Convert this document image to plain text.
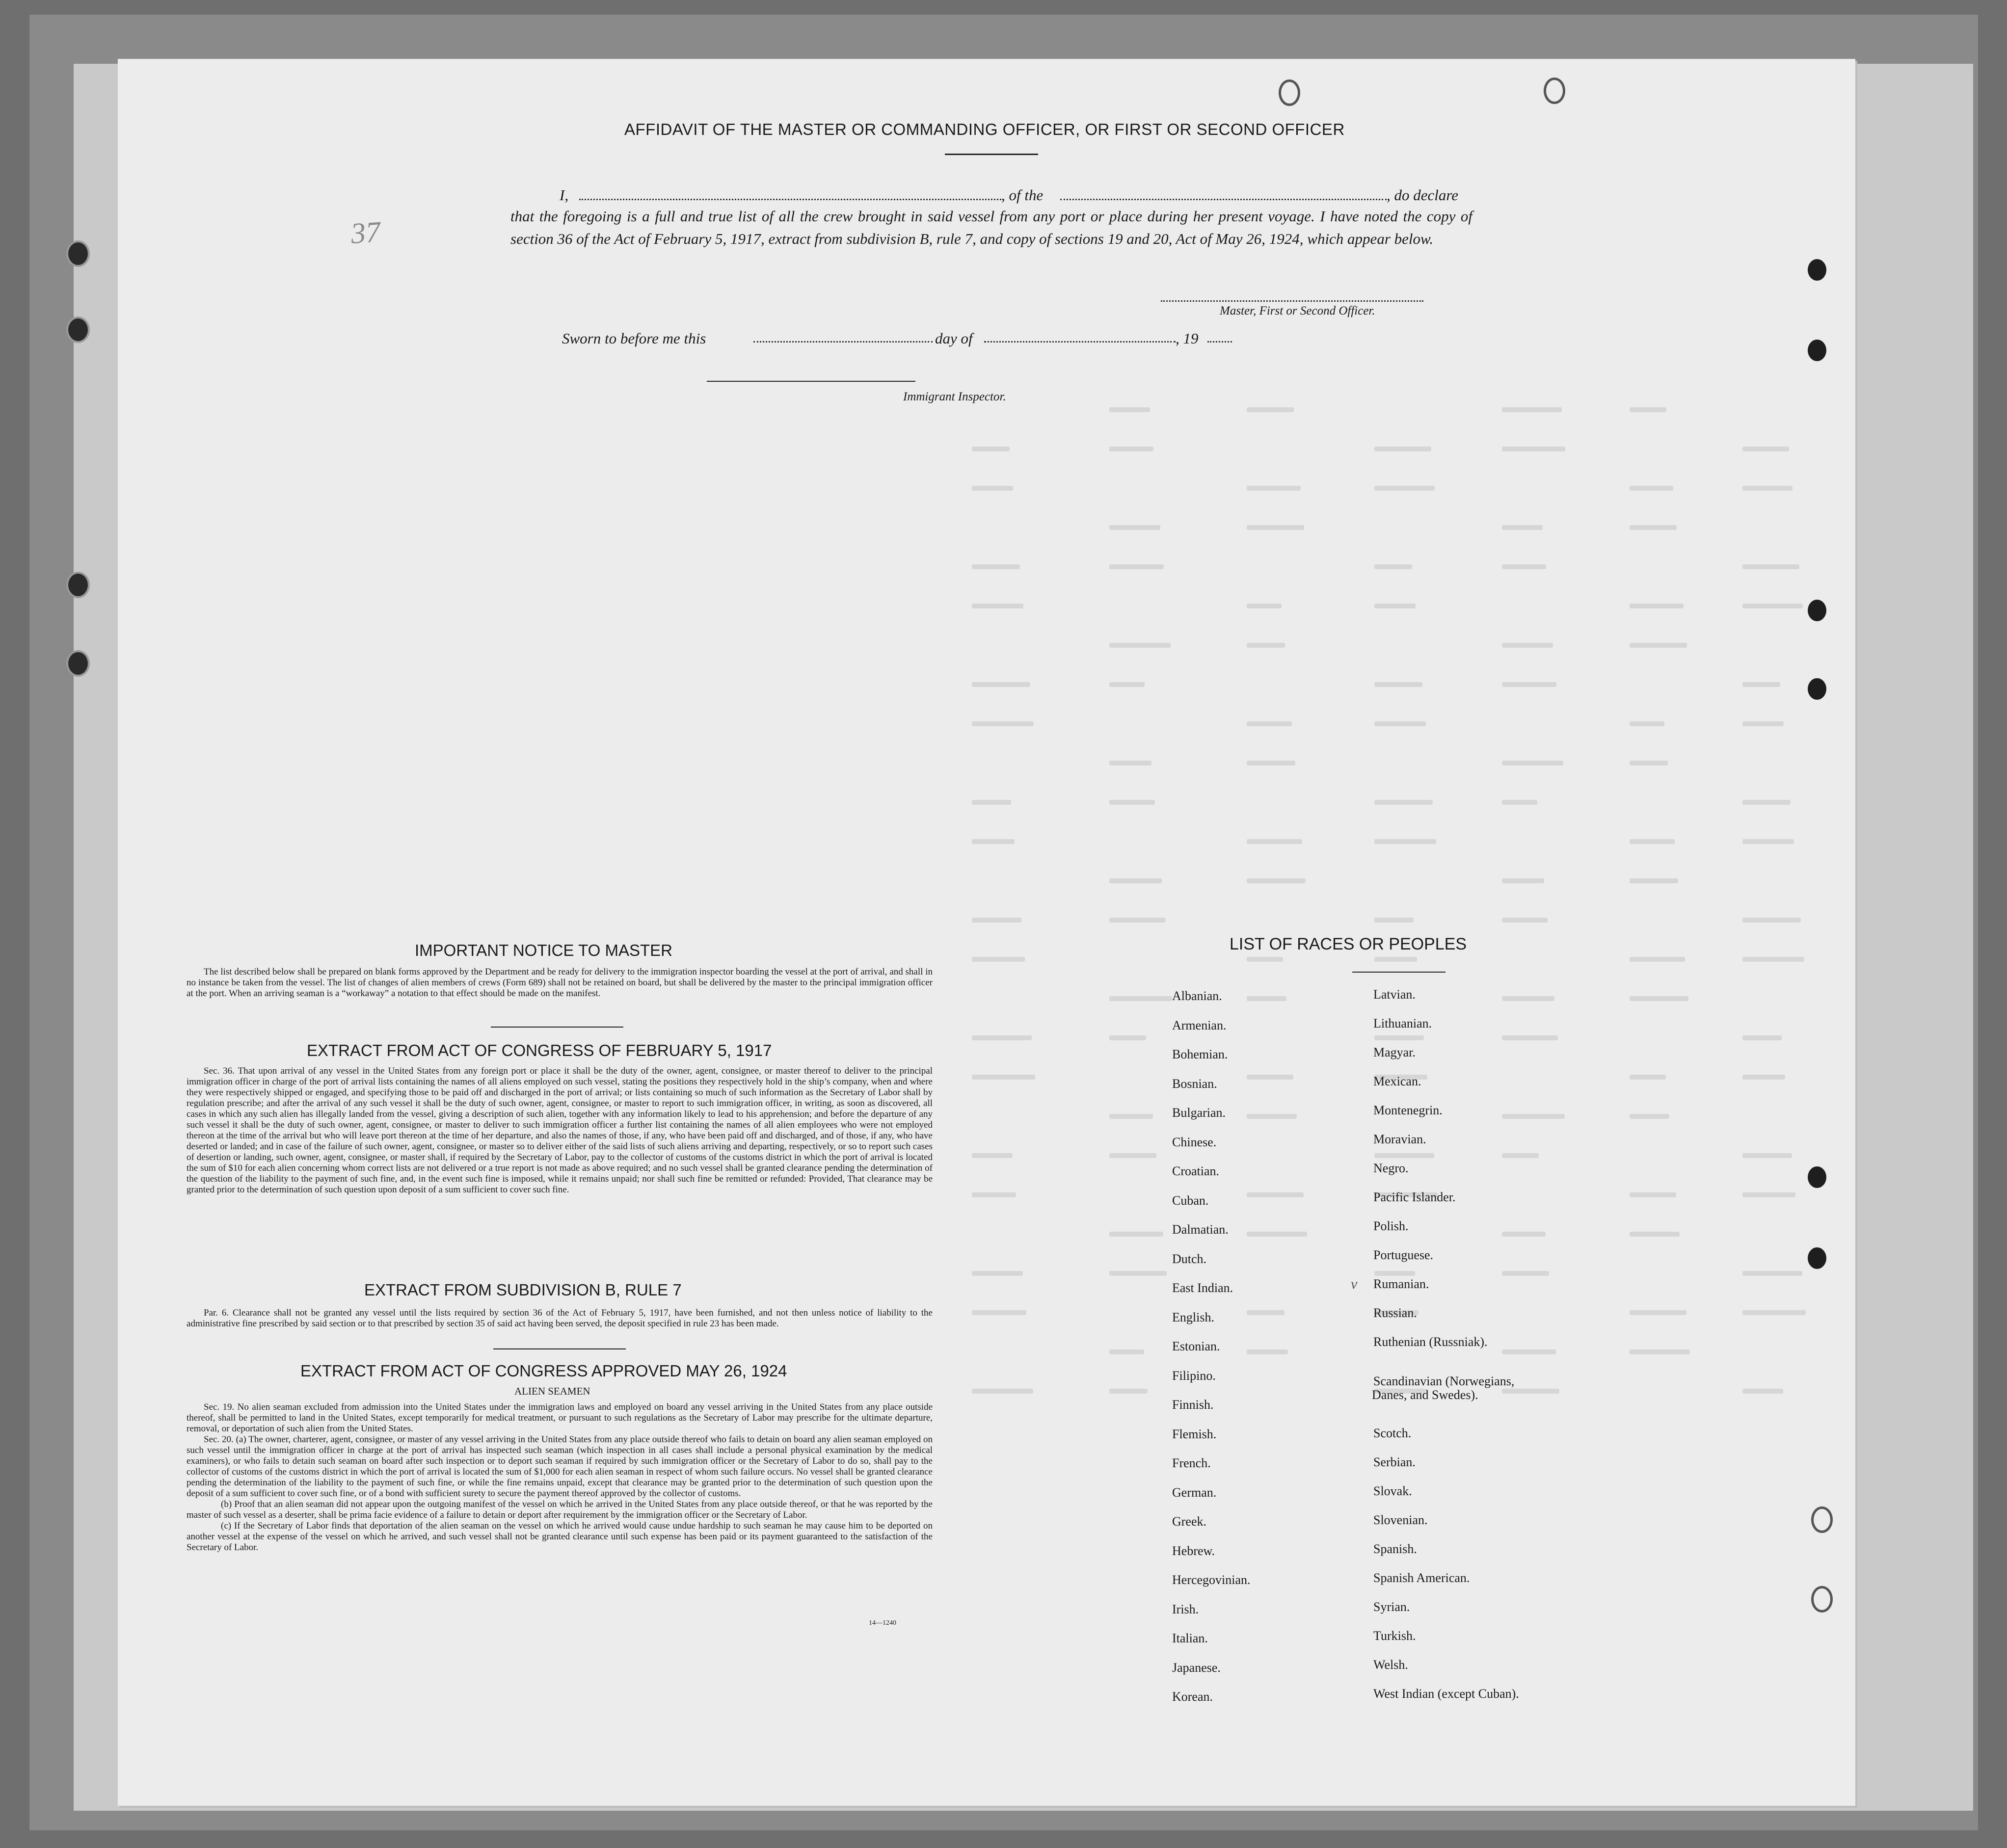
37
v
AFFIDAVIT OF THE MASTER OR COMMANDING OFFICER, OR FIRST OR SECOND OFFICER
I,	, of the	, do declare
that the foregoing is a full and true list of all the crew brought in said vessel from any port or place during her present voyage. I have noted the copy of section 36 of the Act of February 5, 1917, extract from subdivision B, rule 7, and copy of sections 19 and 20, Act of May 26, 1924, which appear below.
Master, First or Second Officer.
Sworn to before me this	day of	, 19
Immigrant Inspector.
IMPORTANT NOTICE TO MASTER

The list described below shall be prepared on blank forms approved by the Department and be ready for delivery to the immigration inspector boarding the vessel at the port of arrival, and shall in no instance be taken from the vessel. The list of changes of alien members of crews (Form 689) shall not be retained on board, but shall be delivered by the master to the principal immigration officer at the port. When an arriving seaman is a “workaway” a notation to that effect should be made on the manifest.

EXTRACT FROM ACT OF CONGRESS OF FEBRUARY 5, 1917

Sec. 36. That upon arrival of any vessel in the United States from any foreign port or place it shall be the duty of the owner, agent, consignee, or master thereof to deliver to the principal immigration officer in charge of the port of arrival lists containing the names of all aliens employed on such vessel, stating the positions they respectively hold in the ship’s company, when and where they were respectively shipped or engaged, and specifying those to be paid off and discharged in the port of arrival; or lists containing so much of such information as the Secretary of Labor shall by regulation prescribe; and after the arrival of any such vessel it shall be the duty of such owner, agent, consignee, or master to report to such immigration officer, in writing, as soon as discovered, all cases in which any such alien has illegally landed from the vessel, giving a description of such alien, together with any information likely to lead to his apprehension; and before the departure of any such vessel it shall be the duty of such owner, agent, consignee, or master to deliver to such immigration officer a further list containing the names of all alien employees who were not employed thereon at the time of the arrival but who will leave port thereon at the time of her departure, and also the names of those, if any, who have been paid off and discharged, and of those, if any, who have deserted or landed; and in case of the failure of such owner, agent, consignee, or master so to deliver either of the said lists of such aliens arriving and departing, respectively, or so to report such cases of desertion or landing, such owner, agent, consignee, or master shall, if required by the Secretary of Labor, pay to the collector of customs of the customs district in which the port of arrival is located the sum of $10 for each alien concerning whom correct lists are not delivered or a true report is not made as above required; and no such vessel shall be granted clearance pending the determination of the question of the liability to the payment of such fine, and, in the event such fine is imposed, while it remains unpaid; nor shall such fine be remitted or refunded: Provided, That clearance may be granted prior to the determination of such question upon deposit of a sum sufficient to cover such fine.

EXTRACT FROM SUBDIVISION B, RULE 7

Par. 6. Clearance shall not be granted any vessel until the lists required by section 36 of the Act of February 5, 1917, have been furnished, and not then unless notice of liability to the administrative fine prescribed by said section or to that prescribed by section 35 of said act having been served, the deposit specified in rule 23 has been made.

EXTRACT FROM ACT OF CONGRESS APPROVED MAY 26, 1924
ALIEN SEAMEN

Sec. 19. No alien seaman excluded from admission into the United States under the immigration laws and employed on board any vessel arriving in the United States from any place outside thereof, shall be permitted to land in the United States, except temporarily for medical treatment, or pursuant to such regulations as the Secretary of Labor may prescribe for the ultimate departure, removal, or deportation of such alien from the United States.

Sec. 20. (a) The owner, charterer, agent, consignee, or master of any vessel arriving in the United States from any place outside thereof who fails to detain on board any alien seaman employed on such vessel until the immigration officer in charge at the port of arrival has inspected such seaman (which inspection in all cases shall include a personal physical examination by the medical examiners), or who fails to detain such seaman on board after such inspection or to deport such seaman if required by such immigration officer or the Secretary of Labor to do so, shall pay to the collector of customs of the customs district in which the port of arrival is located the sum of $1,000 for each alien seaman in respect of whom such failure occurs. No vessel shall be granted clearance pending the determination of the liability to the payment of such fine, or while the fine remains unpaid, except that clearance may be granted prior to the determination of such question upon the deposit of a sum sufficient to cover such fine, or of a bond with sufficient surety to secure the payment thereof approved by the collector of customs.

(b) Proof that an alien seaman did not appear upon the outgoing manifest of the vessel on which he arrived in the United States from any place outside thereof, or that he was reported by the master of such vessel as a deserter, shall be prima facie evidence of a failure to detain or deport after requirement by the immigration officer or the Secretary of Labor.

(c) If the Secretary of Labor finds that deportation of the alien seaman on the vessel on which he arrived would cause undue hardship to such seaman he may cause him to be deported on another vessel at the expense of the vessel on which he arrived, and such vessel shall not be granted clearance until such expense has been paid or its payment guaranteed to the satisfaction of the Secretary of Labor.

14—1240
LIST OF RACES OR PEOPLES
Albanian.
Armenian.
Bohemian.
Bosnian.
Bulgarian.
Chinese.
Croatian.
Cuban.
Dalmatian.
Dutch.
East Indian.
English.
Estonian.
Filipino.
Finnish.
Flemish.
French.
German.
Greek.
Hebrew.
Hercegovinian.
Irish.
Italian.
Japanese.
Korean.
Latvian.
Lithuanian.
Magyar.
Mexican.
Montenegrin.
Moravian.
Negro.
Pacific Islander.
Polish.
Portuguese.
Rumanian.
Russian.
Ruthenian (Russniak).
Scandinavian (Norwegians,
Danes, and Swedes).
Scotch.
Serbian.
Slovak.
Slovenian.
Spanish.
Spanish American.
Syrian.
Turkish.
Welsh.
West Indian (except Cuban).
